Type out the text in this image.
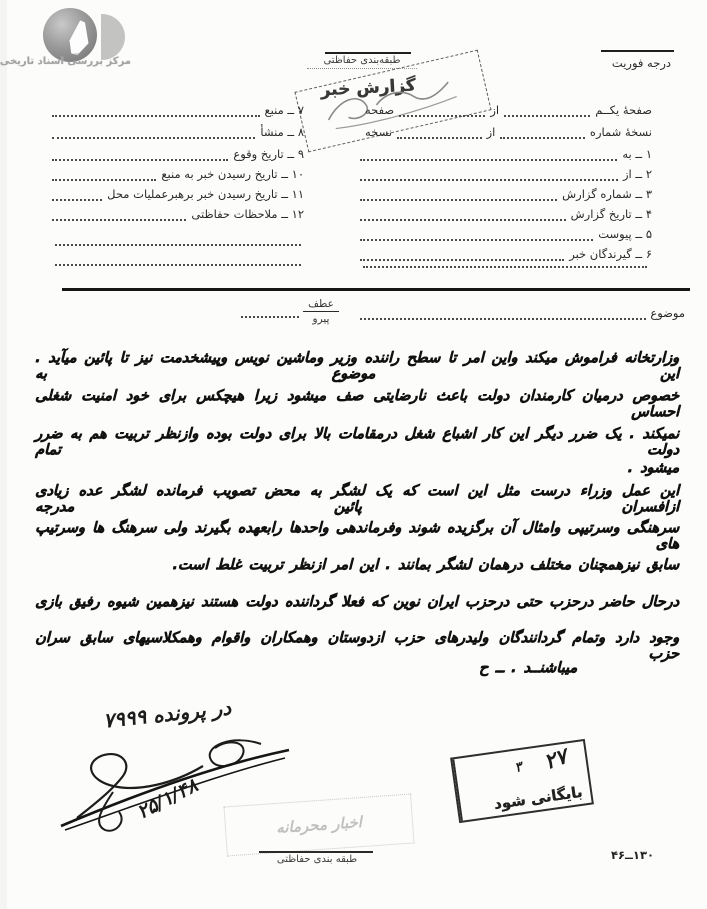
مرکز بررسی اسناد تاریخی	طبقه‌بندی حفاظتی
گزارش خبر
درجه فوریت
صفحهٔ یکــم
از
صفحه
نسخهٔ شماره
از
نسخه
۱ ــ به
۲ ــ از
۳ ــ شماره گزارش
۴ ــ تاریخ گزارش
۵ ــ پیوست
۶ ــ گیرندگان خبر
۷ ــ منبع
۸ ــ منشأ
۹ ــ تاریخ وقوع
۱۰ ــ تاریخ رسیدن خبر به منبع
۱۱ ــ تاریخ رسیدن خبر برهبرعملیات محل
۱۲ ــ ملاحظات حفاظتی
موضوع
عطف
پیرو
وزارتخانه فراموش میکند واین امر تا سطح راننده وزیر وماشین نویس وپیشخدمت نیز تا پائین میآید . این موضوع به
خصوص درمیان کارمندان دولت باعث نارضایتی صف میشود زیرا هیچکس برای خود امنیت شغلی احساس
نمیکند . یک ضرر دیگر این کار اشباع شغل درمقامات بالا برای دولت بوده وازنظر تربیت هم به ضرر دولت تمام
میشود .
این عمل وزراء درست مثل این است که یک لشگر به محض تصویب فرمانده لشگر عده زیادی ازافسران پائین مدرجه
سرهنگی وسرتیپی وامثال آن برگزیده شوند وفرماندهی واحدها رابعهده بگیرند ولی سرهنگ ها وسرتیپ های
سابق نیزهمچنان مختلف درهمان لشگر بمانند . این امر ازنظر تربیت غلط است.
درحال حاضر درحزب حتی درحزب ایران نوین که فعلا گرداننده دولت هستند نیزهمین شیوه رفیق بازی
وجود دارد وتمام گردانندگان ولیدرهای حزب ازدوستان وهمکاران واقوام وهمکلاسیهای سابق سران حزب
میباشنــد . ــ ح
در پرونده ۷۹۹۹
۲۵/۱/۴۸
۲۷
۳
بایگانی شود
اخبار محرمانه
طبقه بندی حفاظتی	۱۳۰ــ۴۶
